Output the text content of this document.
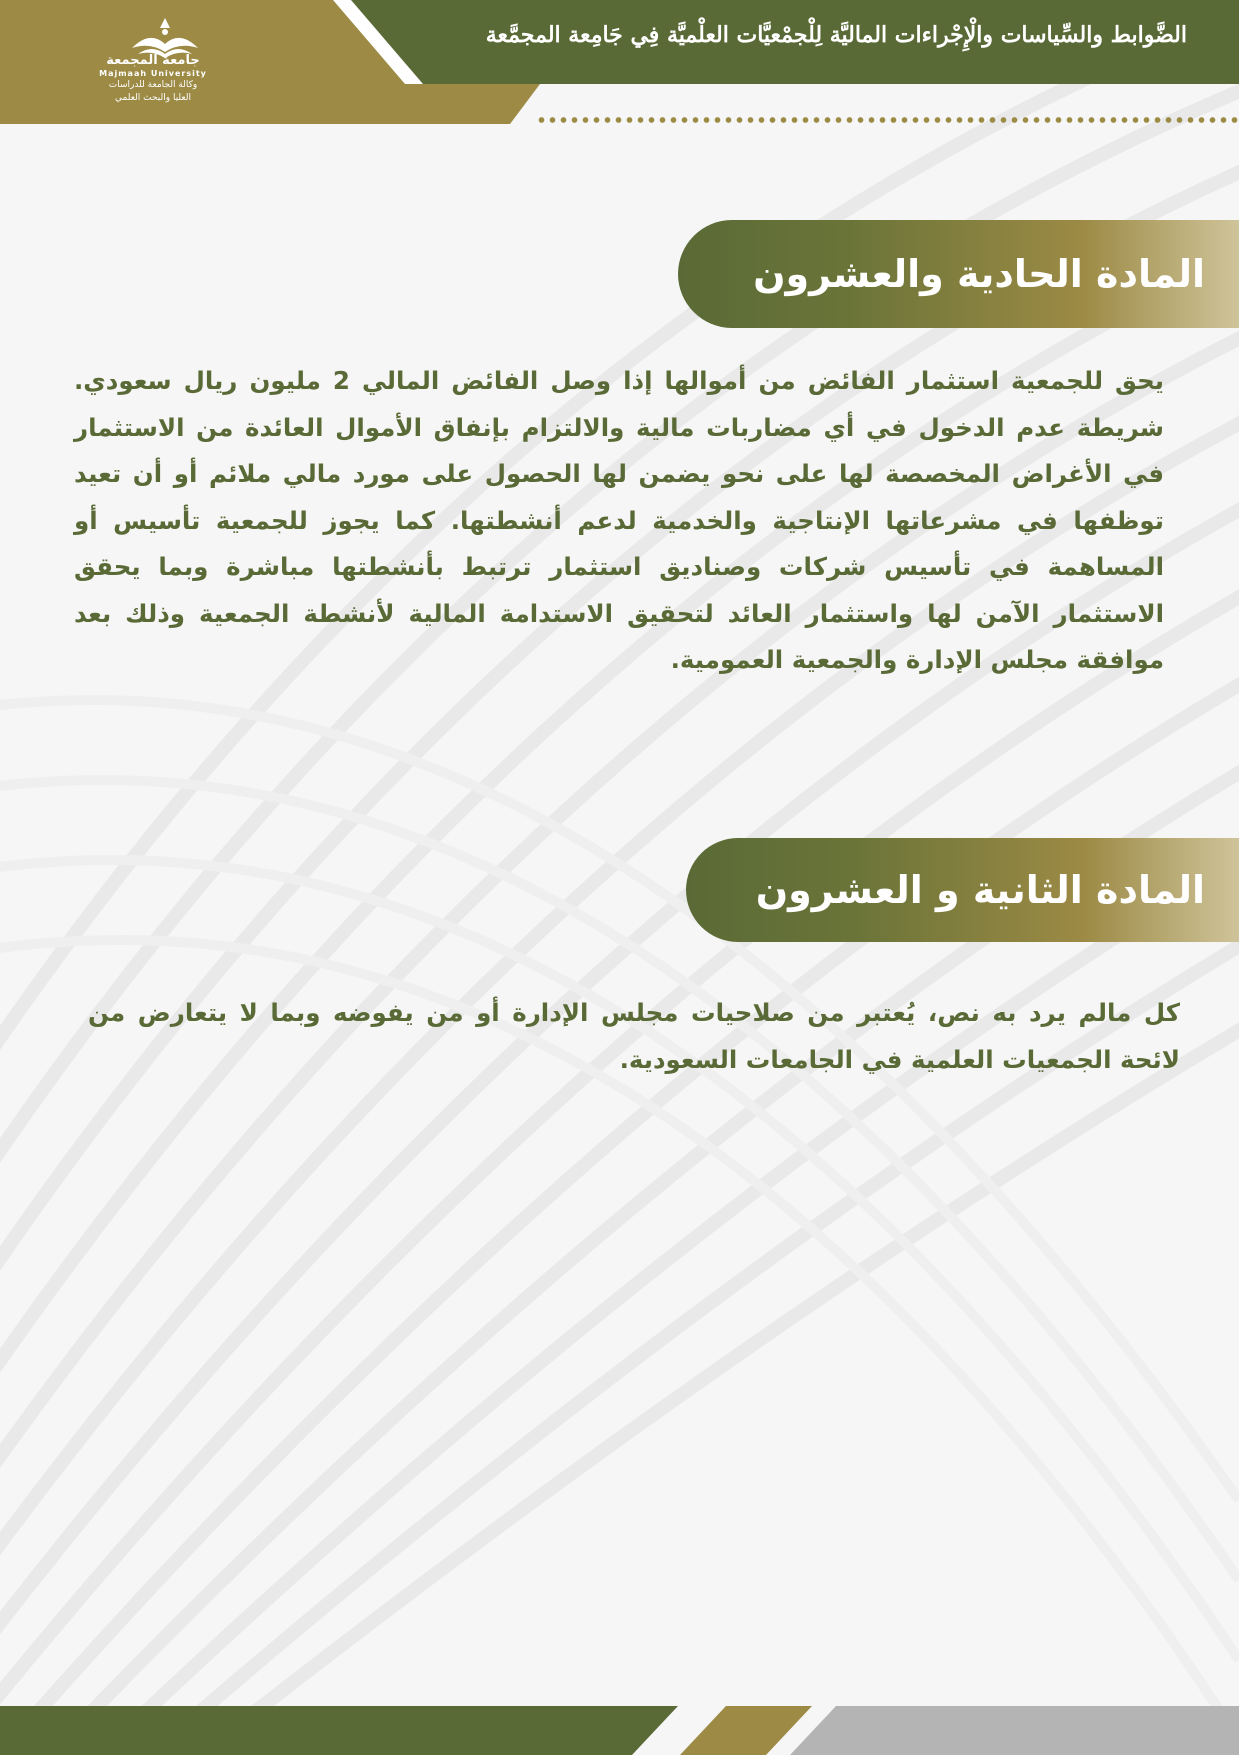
الضَّوابط والسِّياسات والْإِجْراءات الماليَّة لِلْجمْعيَّات العلْميَّة فِي جَامِعة المجمَّعة
جامعة المجمعة
Majmaah University
وكالة الجامعة للدراسات
العليا والبحث العلمي
المادة الحادية والعشرون
يحق للجمعية استثمار الفائض من أموالها إذا وصل الفائض المالي 2 مليون ريال سعودي. شريطة عدم الدخول في أي مضاربات مالية والالتزام بإنفاق الأموال العائدة من الاستثمار في الأغراض المخصصة لها على نحو يضمن لها الحصول على مورد مالي ملائم أو أن تعيد توظفها في مشرعاتها الإنتاجية والخدمية لدعم أنشطتها. كما يجوز للجمعية تأسيس أو المساهمة في تأسيس شركات وصناديق استثمار ترتبط بأنشطتها مباشرة وبما يحقق الاستثمار الآمن لها واستثمار العائد لتحقيق الاستدامة المالية لأنشطة الجمعية وذلك بعد موافقة مجلس الإدارة والجمعية العمومية.
المادة الثانية و العشرون
كل مالم يرد به نص، يُعتبر من صلاحيات مجلس الإدارة أو من يفوضه وبما لا يتعارض من لائحة الجمعيات العلمية في الجامعات السعودية.
